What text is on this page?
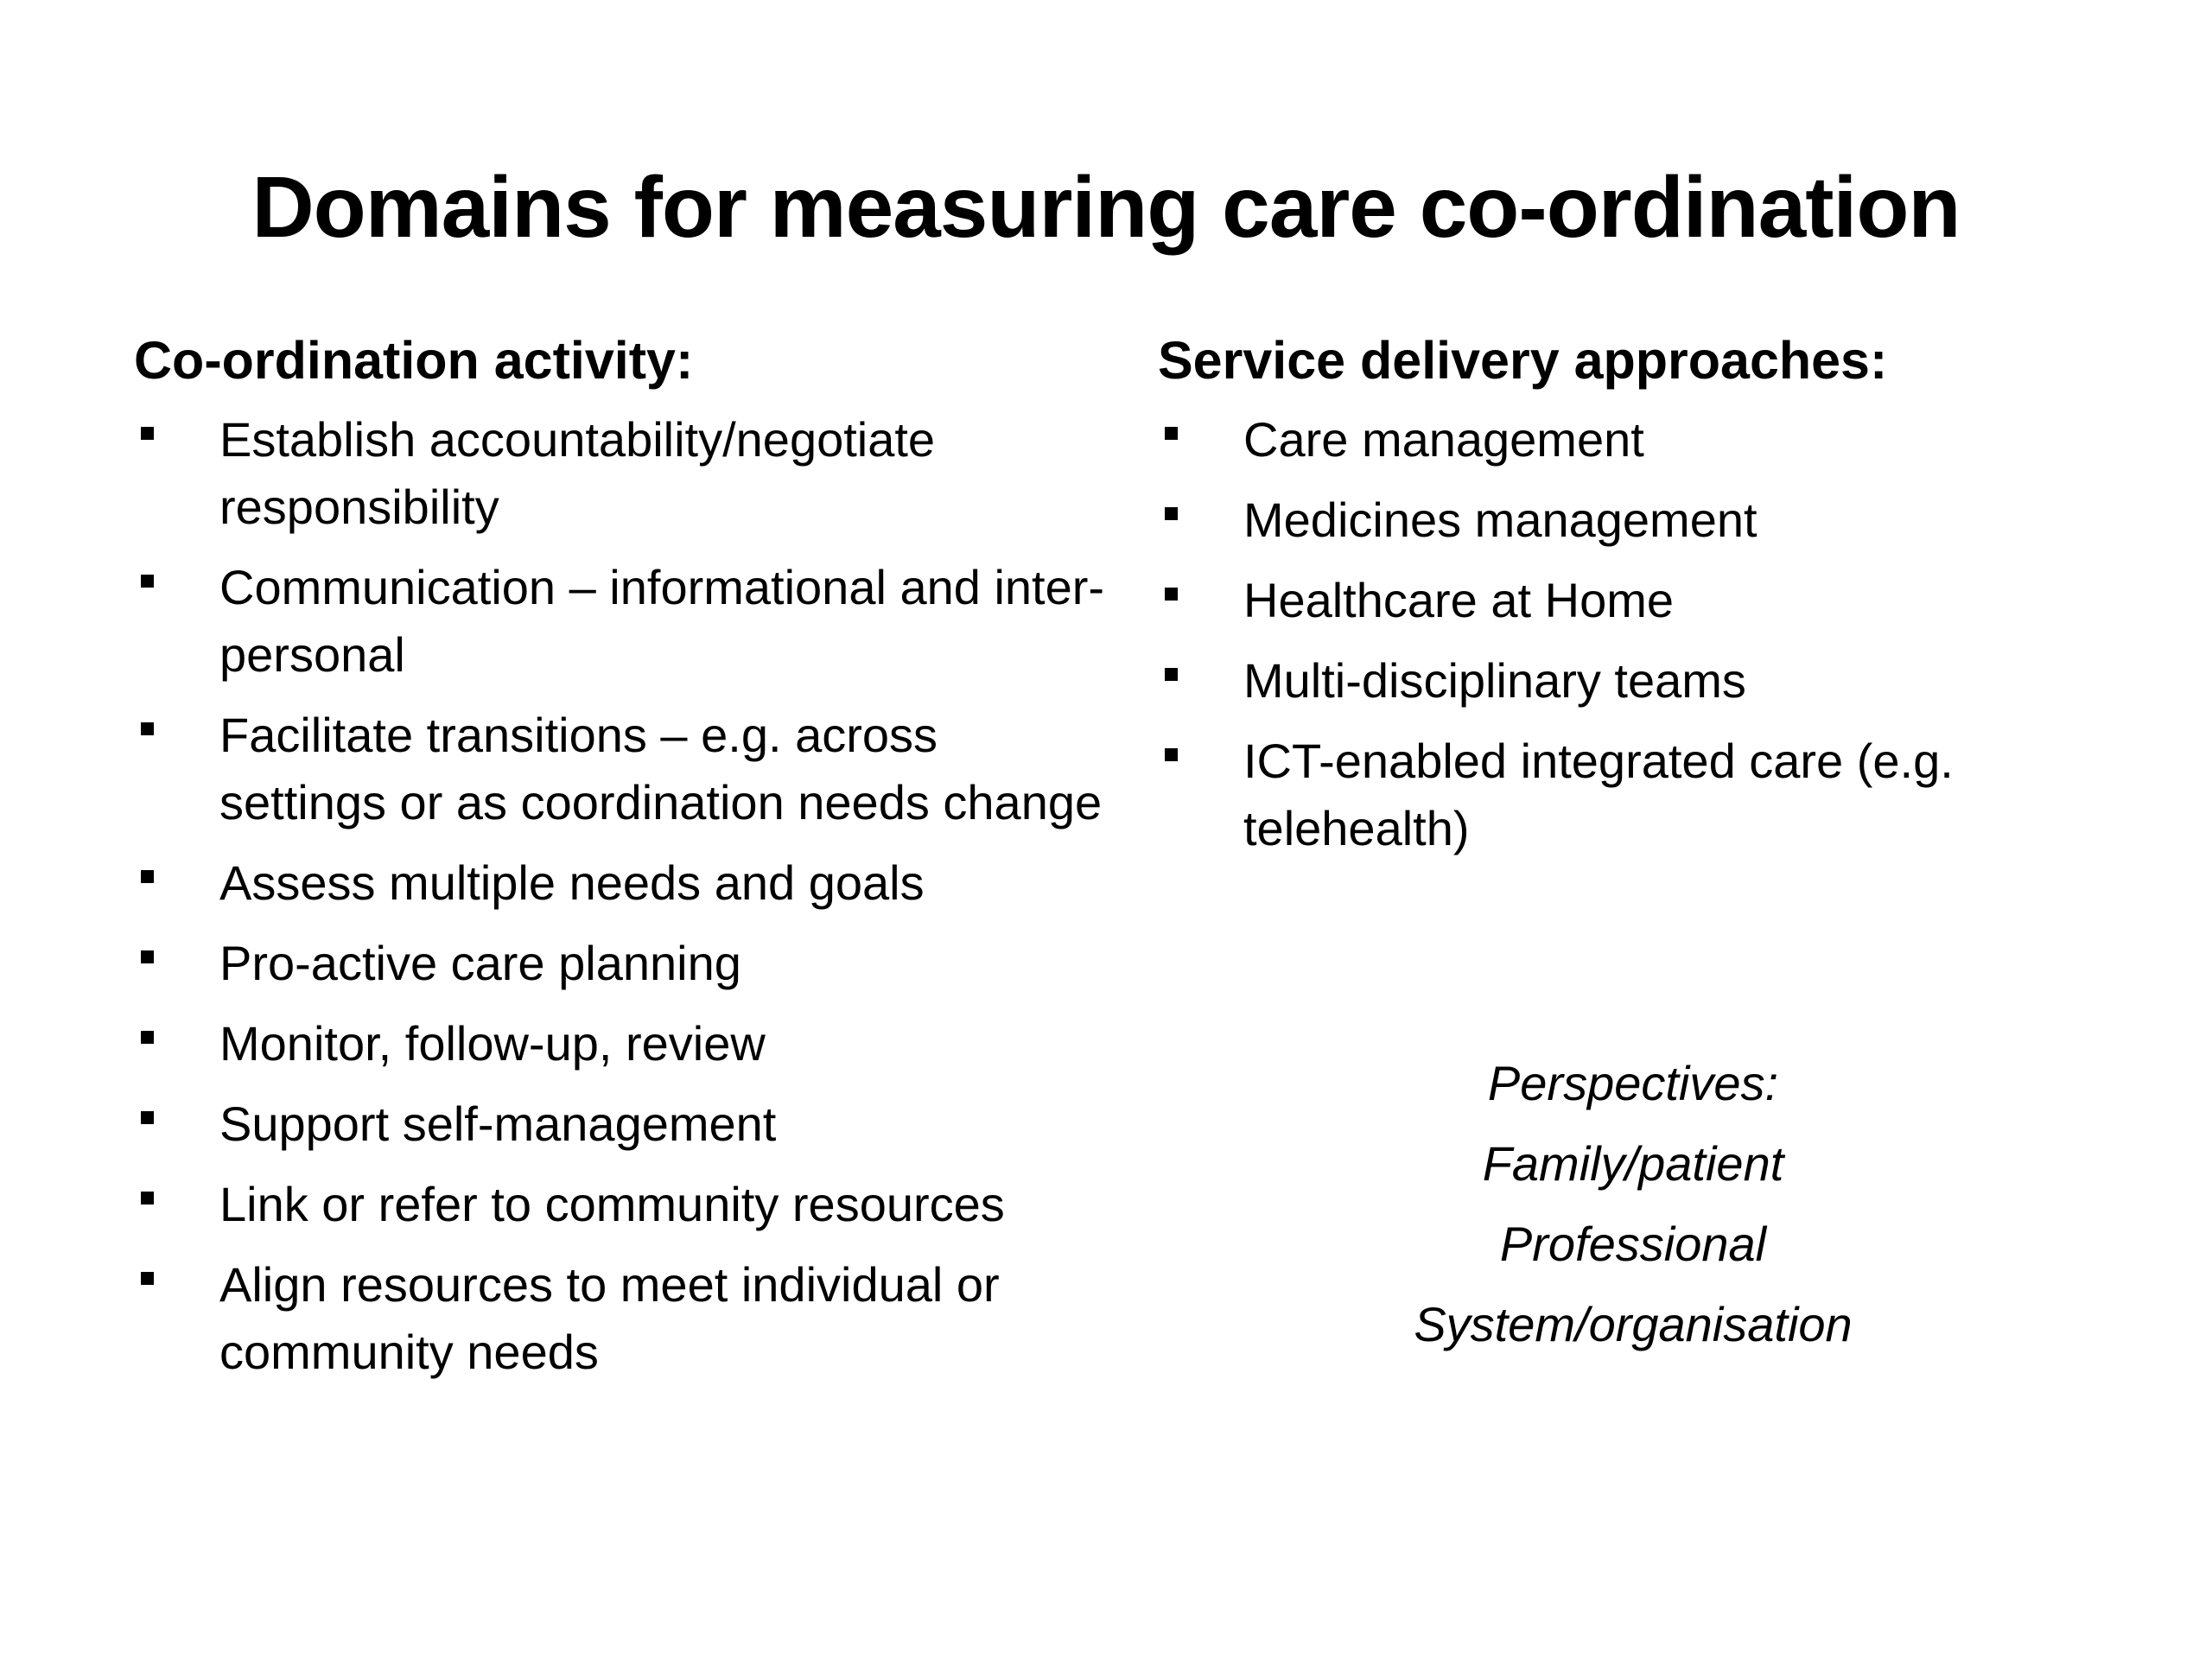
Domains for measuring care co-ordination
Co-ordination activity:
Establish accountability/negotiate responsibility
Communication – informational and inter-personal
Facilitate transitions – e.g. across settings or as coordination needs change
Assess multiple needs and goals
Pro-active care planning
Monitor, follow-up, review
Support self-management
Link or refer to community resources
Align resources to meet individual or community needs
Service delivery approaches:
Care management
Medicines management
Healthcare at Home
Multi-disciplinary teams
ICT-enabled integrated care (e.g. telehealth)
Perspectives:
Family/patient
Professional
System/organisation
